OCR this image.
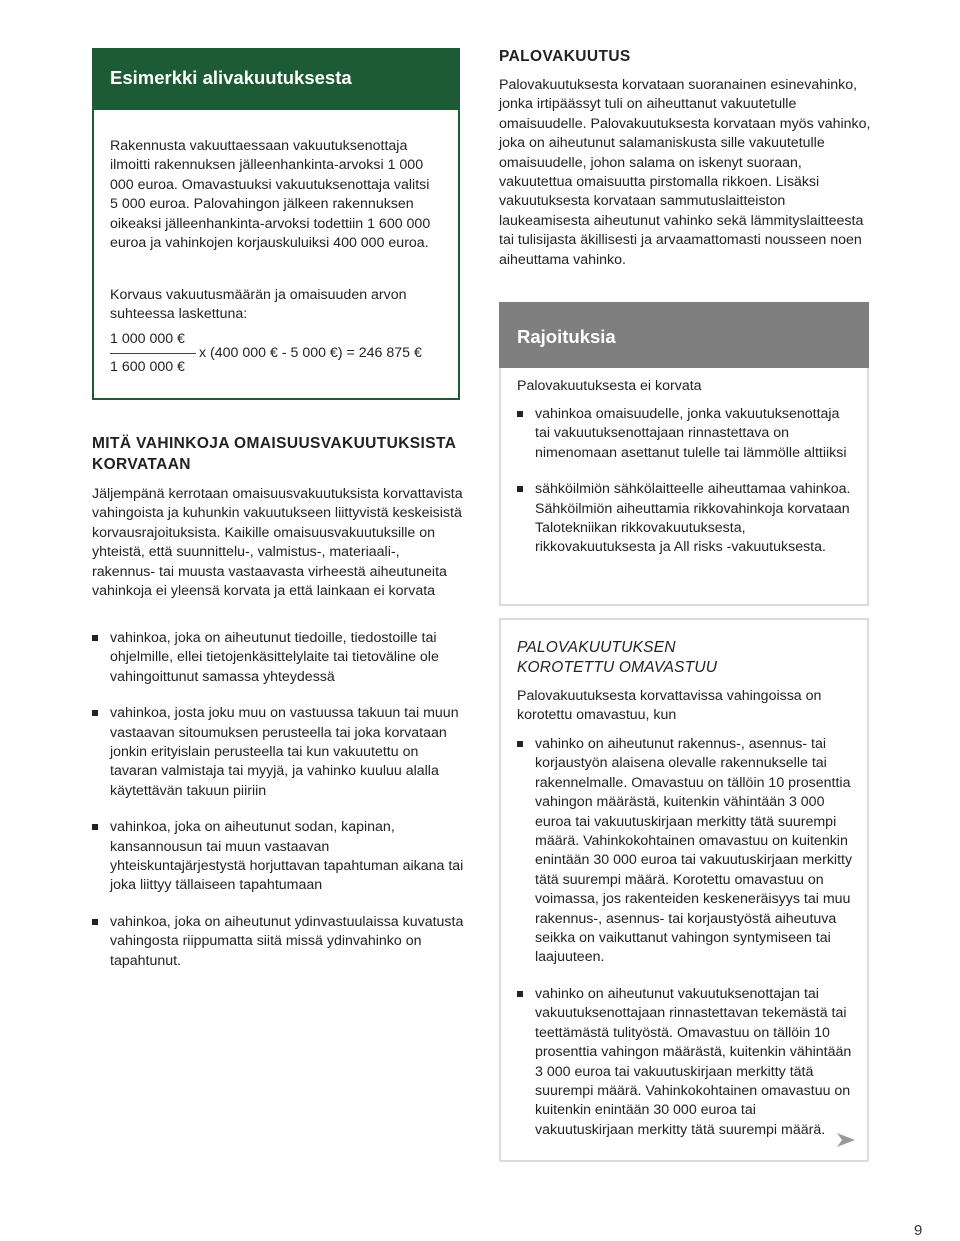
Esimerkki alivakuutuksesta

Rakennusta vakuuttaessaan vakuutuksenottaja ilmoitti rakennuksen jälleenhankinta-arvoksi 1 000 000 euroa. Omavastuuksi vakuutuksenottaja valitsi 5 000 euroa. Palovahingon jälkeen rakennuksen oikeaksi jälleenhankinta-arvoksi todettiin 1 600 000 euroa ja vahinkojen korjauskuluiksi 400 000 euroa.

Korvaus vakuutusmäärän ja omaisuuden arvon suhteessa laskettuna:

1 000 000 €
x (400 000 € - 5 000 €) = 246 875 €
1 600 000 €
MITÄ VAHINKOJA OMAISUUSVAKUUTUKSISTA KORVATAAN

Jäljempänä kerrotaan omaisuusvakuutuksista korvattavista vahingoista ja kuhunkin vakuutukseen liittyvistä keskeisistä korvausrajoituksista. Kaikille omaisuusvakuutuksille on yhteistä, että suunnittelu-, valmistus-, materiaali-, rakennus- tai muusta vastaavasta virheestä aiheutuneita vahinkoja ei yleensä korvata ja että lainkaan ei korvata

vahinkoa, joka on aiheutunut tiedoille, tiedostoille tai ohjelmille, ellei tietojenkäsittelylaite tai tietoväline ole vahingoittunut samassa yhteydessä
vahinkoa, josta joku muu on vastuussa takuun tai muun vastaavan sitoumuksen perusteella tai joka korvataan jonkin erityislain perusteella tai kun vakuutettu on tavaran valmistaja tai myyjä, ja vahinko kuuluu alalla käytettävän takuun piiriin
vahinkoa, joka on aiheutunut sodan, kapinan, kansannousun tai muun vastaavan yhteiskuntajärjestystä horjuttavan tapahtuman aikana tai joka liittyy tällaiseen tapahtumaan
vahinkoa, joka on aiheutunut ydinvastuulaissa kuvatusta vahingosta riippumatta siitä missä ydinvahinko on tapahtunut.
PALOVAKUUTUS

Palovakuutuksesta korvataan suoranainen esinevahinko, jonka irtipäässyt tuli on aiheuttanut vakuutetulle omaisuudelle. Palovakuutuksesta korvataan myös vahinko, joka on aiheutunut salamaniskusta sille vakuutetulle omaisuudelle, johon salama on iskenyt suoraan, vakuutettua omaisuutta pirstomalla rikkoen. Lisäksi vakuutuksesta korvataan sammutuslaitteiston laukeamisesta aiheutunut vahinko sekä lämmityslaitteesta tai tulisijasta äkillisesti ja arvaamattomasti nousseen noen aiheuttama vahinko.

Rajoituksia

Palovakuutuksesta ei korvata

vahinkoa omaisuudelle, jonka vakuutuksenottaja tai vakuutuksenottajaan rinnastettava on nimenomaan asettanut tulelle tai lämmölle alttiiksi
sähköilmiön sähkölaitteelle aiheuttamaa vahinkoa. Sähköilmiön aiheuttamia rikkovahinkoja korvataan Talotekniikan rikkovakuutuksesta, rikkovakuutuksesta ja All risks -vakuutuksesta.
PALOVAKUUTUKSEN
KOROTETTU OMAVASTUU

Palovakuutuksesta korvattavissa vahingoissa on korotettu omavastuu, kun

vahinko on aiheutunut rakennus-, asennus- tai korjaustyön alaisena olevalle rakennukselle tai rakennelmalle. Omavastuu on tällöin 10 prosenttia vahingon määrästä, kuitenkin vähintään 3 000 euroa tai vakuutuskirjaan merkitty tätä suurempi määrä. Vahinkokohtainen omavastuu on kuitenkin enintään 30 000 euroa tai vakuutuskirjaan merkitty tätä suurempi määrä. Korotettu omavastuu on voimassa, jos rakenteiden keskeneräisyys tai muu rakennus-, asennus- tai korjaustyöstä aiheutuva seikka on vaikuttanut vahingon syntymiseen tai laajuuteen.
vahinko on aiheutunut vakuutuksenottajan tai vakuutuksenottajaan rinnastettavan tekemästä tai teettämästä tulityöstä. Omavastuu on tällöin 10 prosenttia vahingon määrästä, kuitenkin vähintään 3 000 euroa tai vakuutuskirjaan merkitty tätä suurempi määrä. Vahinkokohtainen omavastuu on kuitenkin enintään 30 000 euroa tai vakuutuskirjaan merkitty tätä suurempi määrä.
9
